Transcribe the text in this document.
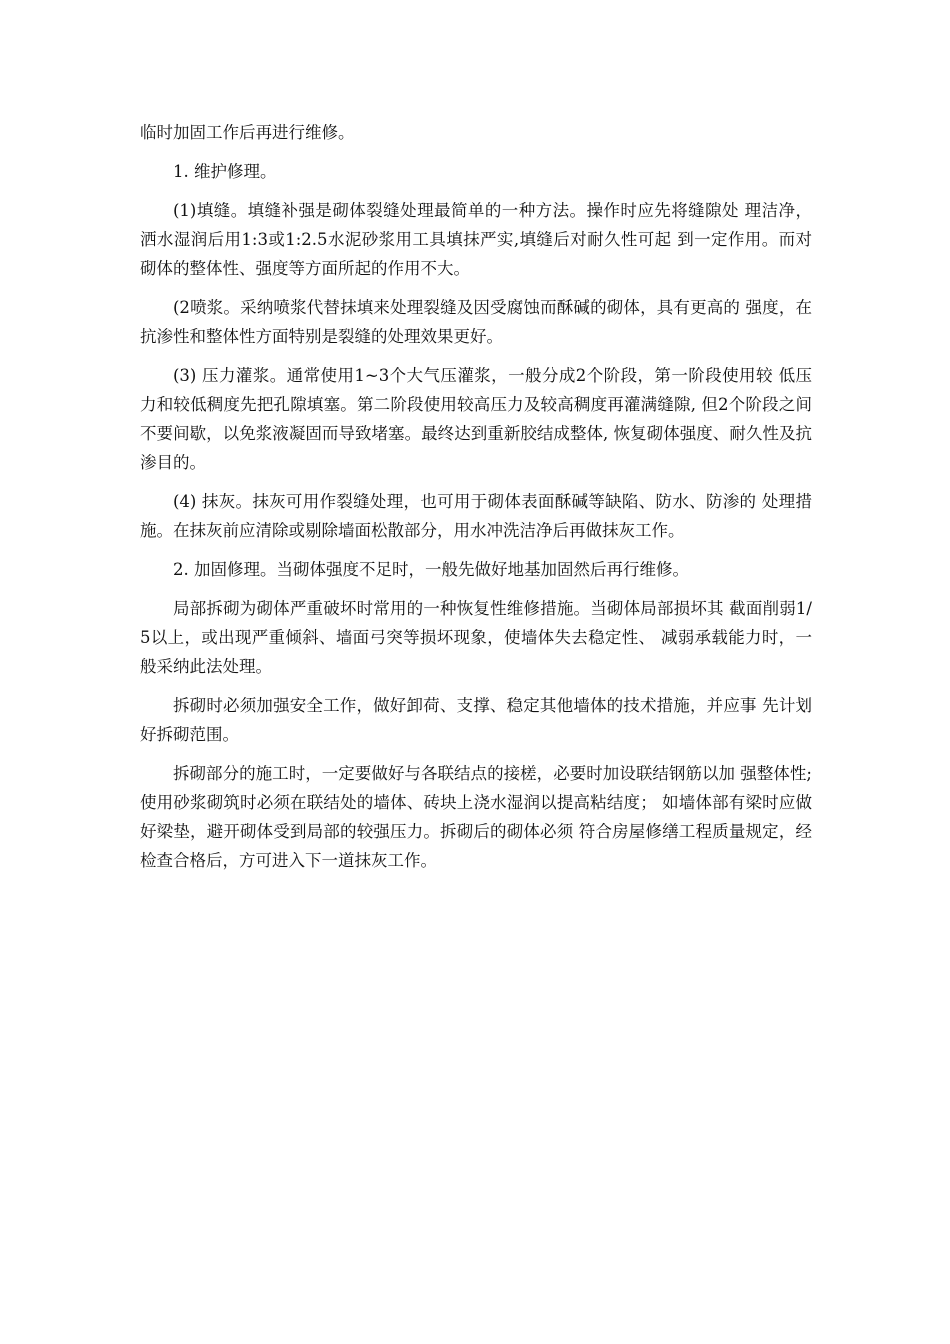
临时加固工作后再进行维修。

1. 维护修理。

(1)填缝。填缝补强是砌体裂缝处理最简单的一种方法。操作时应先将缝隙处 理洁净，洒水湿润后用1:3或1:2.5水泥砂浆用工具填抹严实,填缝后对耐久性可起 到一定作用。而对砌体的整体性、强度等方面所起的作用不大。

(2喷浆。采纳喷浆代替抹填来处理裂缝及因受腐蚀而酥碱的砌体，具有更高的 强度，在抗渗性和整体性方面特别是裂缝的处理效果更好。

(3) 压力灌浆。通常使用1~3个大气压灌浆，一般分成2个阶段，第一阶段使用较 低压力和较低稠度先把孔隙填塞。第二阶段使用较高压力及较高稠度再灌满缝隙, 但2个阶段之间不要间歇，以免浆液凝固而导致堵塞。最终达到重新胶结成整体, 恢复砌体强度、耐久性及抗渗目的。

(4) 抹灰。抹灰可用作裂缝处理，也可用于砌体表面酥碱等缺陷、防水、防渗的 处理措施。在抹灰前应清除或剔除墙面松散部分，用水冲洗洁净后再做抹灰工作。

2. 加固修理。当砌体强度不足时，一般先做好地基加固然后再行维修。

局部拆砌为砌体严重破坏时常用的一种恢复性维修措施。当砌体局部损坏其 截面削弱1/5以上，或出现严重倾斜、墙面弓突等损坏现象，使墙体失去稳定性、 减弱承载能力时，一般采纳此法处理。

拆砌时必须加强安全工作，做好卸荷、支撑、稳定其他墙体的技术措施，并应事 先计划好拆砌范围。

拆砌部分的施工时，一定要做好与各联结点的接槎，必要时加设联结钢筋以加 强整体性;使用砂浆砌筑时必须在联结处的墙体、砖块上浇水湿润以提高粘结度； 如墙体部有梁时应做好梁垫，避开砌体受到局部的较强压力。拆砌后的砌体必须 符合房屋修缮工程质量规定，经检查合格后，方可进入下一道抹灰工作。
